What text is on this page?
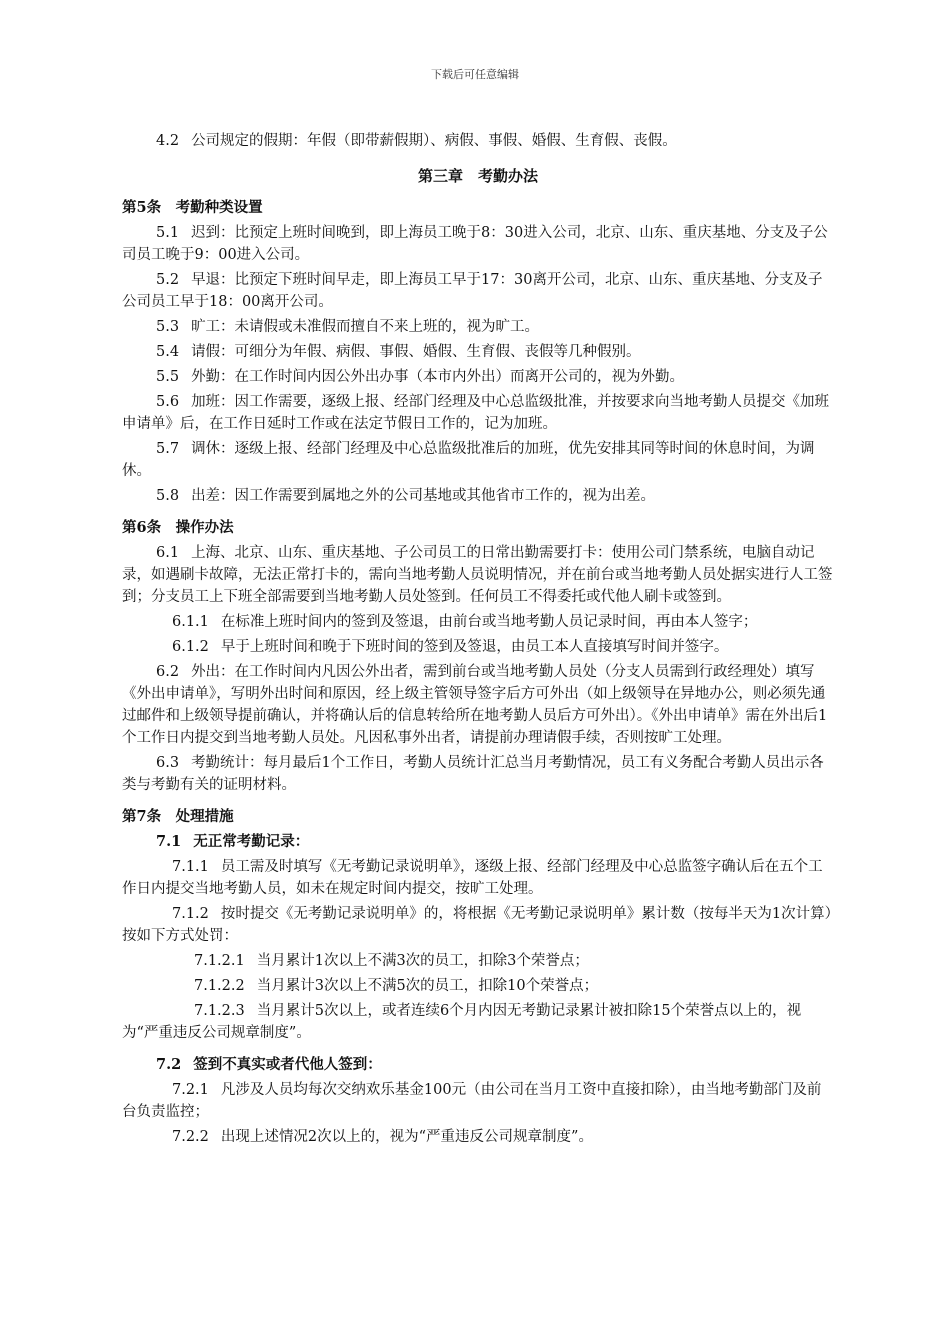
下载后可任意编辑

4.2 公司规定的假期：年假（即带薪假期）、病假、事假、婚假、生育假、丧假。

第三章　考勤办法

第5条　考勤种类设置

5.1 迟到：比预定上班时间晚到，即上海员工晚于8：30进入公司，北京、山东、重庆基地、分支及子公司员工晚于9：00进入公司。

5.2 早退：比预定下班时间早走，即上海员工早于17：30离开公司，北京、山东、重庆基地、分支及子公司员工早于18：00离开公司。

5.3 旷工：未请假或未准假而擅自不来上班的，视为旷工。

5.4 请假：可细分为年假、病假、事假、婚假、生育假、丧假等几种假别。

5.5 外勤：在工作时间内因公外出办事（本市内外出）而离开公司的，视为外勤。

5.6 加班：因工作需要，逐级上报、经部门经理及中心总监级批准，并按要求向当地考勤人员提交《加班申请单》后，在工作日延时工作或在法定节假日工作的，记为加班。

5.7 调休：逐级上报、经部门经理及中心总监级批准后的加班，优先安排其同等时间的休息时间，为调休。

5.8 出差：因工作需要到属地之外的公司基地或其他省市工作的，视为出差。

第6条　操作办法

6.1 上海、北京、山东、重庆基地、子公司员工的日常出勤需要打卡：使用公司门禁系统，电脑自动记录，如遇刷卡故障，无法正常打卡的，需向当地考勤人员说明情况，并在前台或当地考勤人员处据实进行人工签到；分支员工上下班全部需要到当地考勤人员处签到。任何员工不得委托或代他人刷卡或签到。

6.1.1 在标准上班时间内的签到及签退，由前台或当地考勤人员记录时间，再由本人签字；

6.1.2 早于上班时间和晚于下班时间的签到及签退，由员工本人直接填写时间并签字。

6.2 外出：在工作时间内凡因公外出者，需到前台或当地考勤人员处（分支人员需到行政经理处）填写《外出申请单》，写明外出时间和原因，经上级主管领导签字后方可外出（如上级领导在异地办公，则必须先通过邮件和上级领导提前确认，并将确认后的信息转给所在地考勤人员后方可外出）。《外出申请单》需在外出后1个工作日内提交到当地考勤人员处。凡因私事外出者，请提前办理请假手续，否则按旷工处理。

6.3 考勤统计：每月最后1个工作日，考勤人员统计汇总当月考勤情况，员工有义务配合考勤人员出示各类与考勤有关的证明材料。

第7条　处理措施

7.1 无正常考勤记录：

7.1.1 员工需及时填写《无考勤记录说明单》，逐级上报、经部门经理及中心总监签字确认后在五个工作日内提交当地考勤人员，如未在规定时间内提交，按旷工处理。

7.1.2 按时提交《无考勤记录说明单》的，将根据《无考勤记录说明单》累计数（按每半天为1次计算）按如下方式处罚：

7.1.2.1 当月累计1次以上不满3次的员工，扣除3个荣誉点；

7.1.2.2 当月累计3次以上不满5次的员工，扣除10个荣誉点；

7.1.2.3 当月累计5次以上，或者连续6个月内因无考勤记录累计被扣除15个荣誉点以上的，视为“严重违反公司规章制度”。

7.2 签到不真实或者代他人签到：

7.2.1 凡涉及人员均每次交纳欢乐基金100元（由公司在当月工资中直接扣除），由当地考勤部门及前台负责监控；

7.2.2 出现上述情况2次以上的，视为“严重违反公司规章制度”。
